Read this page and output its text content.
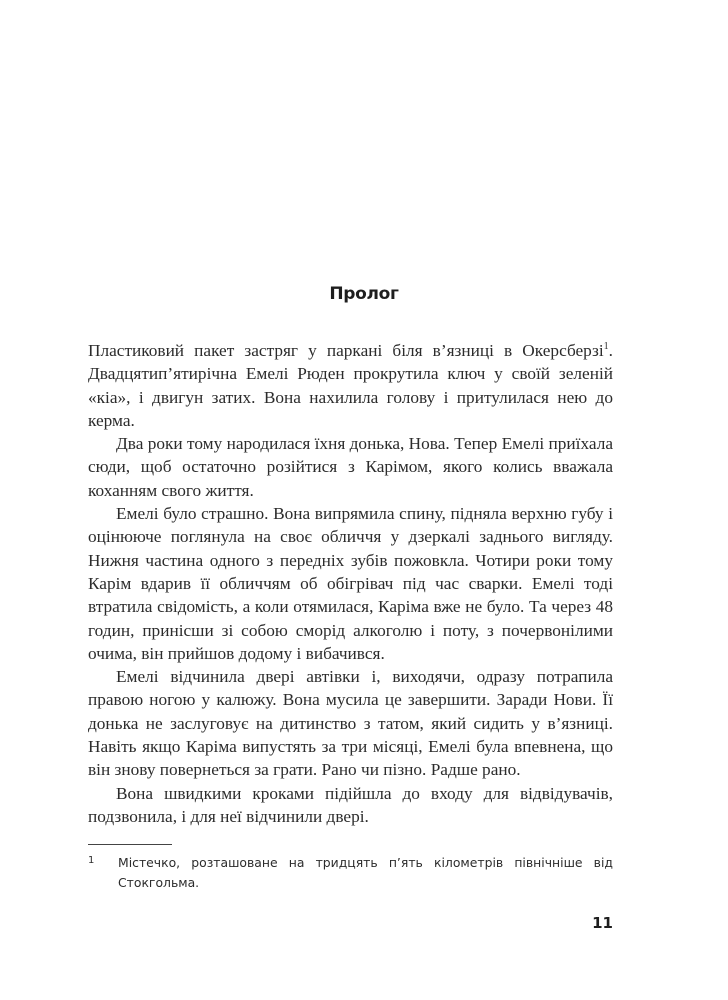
Пролог

Пластиковий пакет застряг у паркані біля в’язниці в Окерсберзі$^1$. Двадцятип’ятирічна Емелі Рюден прокрутила ключ у своїй зеленій «кіа», і двигун затих. Вона нахилила голову і притулилася нею до керма.

Два роки тому народилася їхня донька, Нова. Тепер Емелі приїхала сюди, щоб остаточно розійтися з Карімом, якого колись вважала коханням свого життя.

Емелі було страшно. Вона випрямила спину, підняла верхню губу і оцінююче поглянула на своє обличчя у дзеркалі заднього вигляду. Нижня частина одного з передніх зубів пожовкла. Чотири роки тому Карім вдарив її обличчям об обігрівач під час сварки. Емелі тоді втратила свідомість, а коли отямилася, Каріма вже не було. Та через 48 годин, принісши зі собою сморід алкоголю і поту, з почервонілими очима, він прийшов додому і вибачився.

Емелі відчинила двері автівки і, виходячи, одразу потрапила правою ногою у калюжу. Вона мусила це завершити. Заради Нови. Її донька не заслуговує на дитинство з татом, який сидить у в’язниці. Навіть якщо Каріма випустять за три місяці, Емелі була впевнена, що він знову повернеться за грати. Рано чи пізно. Радше рано.

Вона швидкими кроками підійшла до входу для відвідувачів, подзвонила, і для неї відчинили двері.

1 Містечко, розташоване на тридцять п’ять кілометрів північніше від Стокгольма.
11
